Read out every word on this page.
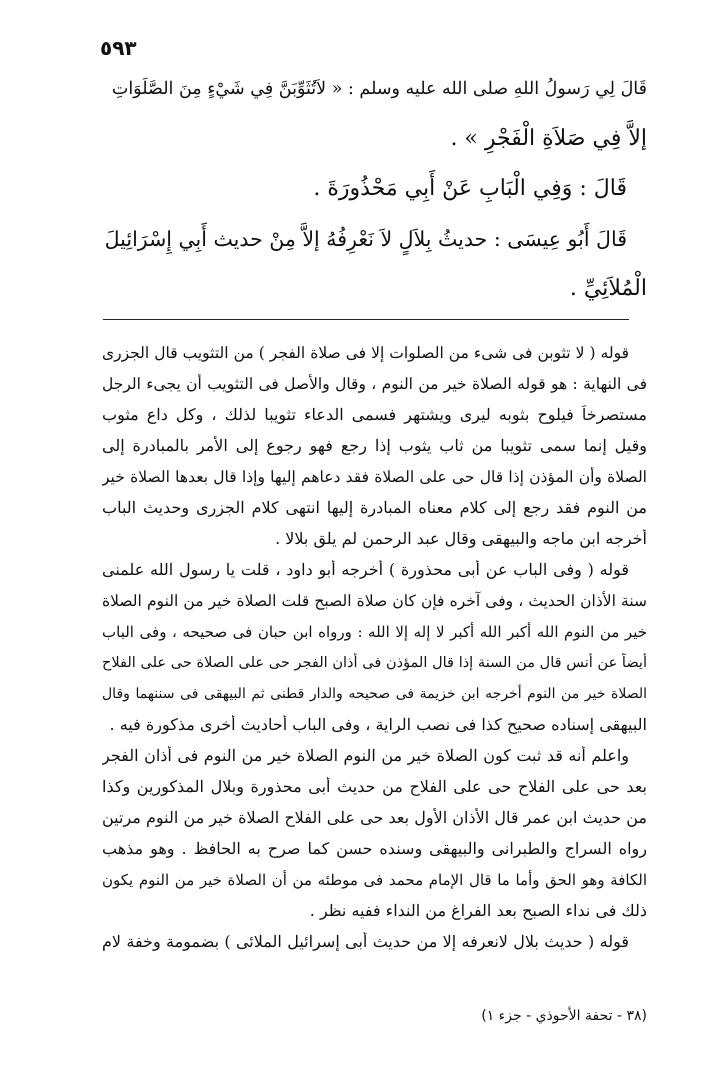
٥٩٣
قَالَ لِي رَسولُ اللهِ صلى الله عليه وسلم : « لاَتُثَوِّبَنَّ فِي شَيْءٍ مِنَ الصَّلَوَاتِ
إلاَّ فِي صَلاَةِ الْفَجْرِ » .
قَالَ : وَفِي الْبَابِ عَنْ أَبِي مَحْذُورَةَ .
قَالَ أَبُو عِيسَى : حديثُ بِلاَلٍ لاَ نَعْرِفُهُ إلاَّ مِنْ حديث أَبِي إِسْرَائِيلَ
الْمُلاَئِيِّ .
قوله ( لا تثوبن فى شىء من الصلوات إلا فى صلاة الفجر ) من التثويب قال الجزرى
فى النهاية : هو قوله الصلاة خير من النوم ، وقال والأصل فى التثويب أن يجىء الرجل
مستصرخاً فيلوح بثوبه ليرى ويشتهر فسمى الدعاء تثويبا لذلك ، وكل داع مثوب
وقيل إنما سمى تثويبا من ثاب يثوب إذا رجع فهو رجوع إلى الأمر بالمبادرة إلى
الصلاة وأن المؤذن إذا قال حى على الصلاة فقد دعاهم إليها وإذا قال بعدها الصلاة خير
من النوم فقد رجع إلى كلام معناه المبادرة إليها انتهى كلام الجزرى وحديث الباب
أخرجه ابن ماجه والبيهقى وقال عبد الرحمن لم يلق بلالا .
قوله ( وفى الباب عن أبى محذورة ) أخرجه أبو داود ، قلت يا رسول الله علمنى
سنة الأذان الحديث ، وفى آخره فإن كان صلاة الصبح قلت الصلاة خير من النوم الصلاة
خير من النوم الله أكبر الله أكبر لا إله إلا الله : ورواه ابن حبان فى صحيحه ، وفى الباب
أيضاً عن أنس قال من السنة إذا قال المؤذن فى أذان الفجر حى على الصلاة حى على الفلاح
الصلاة خير من النوم أخرجه ابن خزيمة فى صحيحه والدار قطنى ثم البيهقى فى سننهما وقال
البيهقى إسناده صحيح كذا فى نصب الراية ، وفى الباب أحاديث أخرى مذكورة فيه .
واعلم أنه قد ثبت كون الصلاة خير من النوم الصلاة خير من النوم فى أذان الفجر
بعد حى على الفلاح حى على الفلاح من حديث أبى محذورة وبلال المذكورين وكذا
من حديث ابن عمر قال الأذان الأول بعد حى على الفلاح الصلاة خير من النوم مرتين
رواه السراج والطبرانى والبيهقى وسنده حسن كما صرح به الحافظ . وهو مذهب
الكافة وهو الحق وأما ما قال الإمام محمد فى موطئه من أن الصلاة خير من النوم يكون
ذلك فى نداء الصبح بعد الفراغ من النداء ففيه نظر .
قوله ( حديث بلال لانعرفه إلا من حديث أبى إسرائيل الملائى ) بضمومة وخفة لام
(٣٨ - تحفة الأحوذي - جزء ١)
